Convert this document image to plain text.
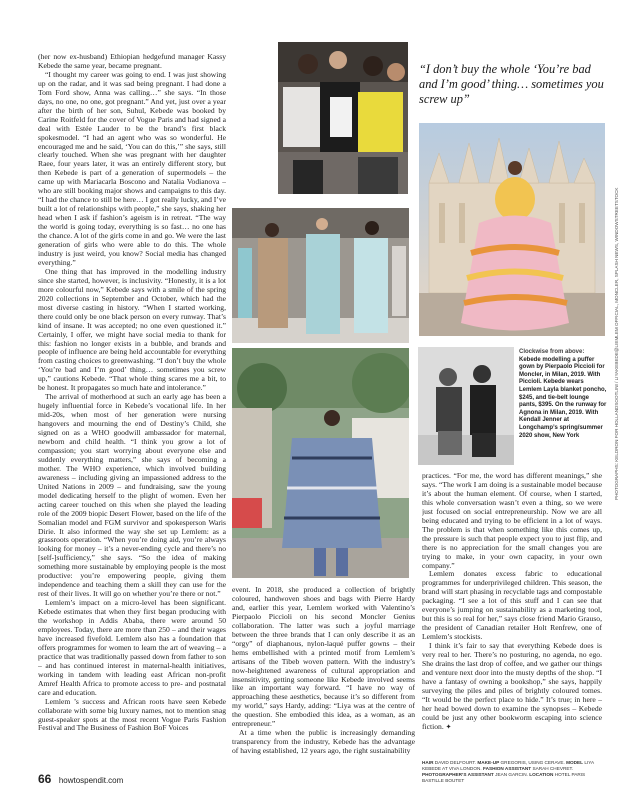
(her now ex-husband) Ethiopian hedgefund manager Kassy Kebede the same year, became pregnant.

“I thought my career was going to end. I was just showing up on the radar, and it was sad being pregnant. I had done a Tom Ford show, Anna was calling…” she says. “In those days, no one, no one, got pregnant.” And yet, just over a year after the birth of her son, Suhul, Kebede was booked by Carine Roitfeld for the cover of Vogue Paris and had signed a deal with Estée Lauder to be the brand’s first black spokesmodel. “I had an agent who was so wonderful. He encouraged me and he said, ‘You can do this,’” she says, still clearly touched. When she was pregnant with her daughter Raee, four years later, it was an entirely different story, but then Kebede is part of a generation of supermodels – the came up with Mariacarla Boscono and Natalia Vodianova – who are still booking major shows and campaigns to this day. “I had the chance to still be here… I got really lucky, and I’ve built a lot of relationships with people,” she says, shaking her head when I ask if fashion’s ageism is in retreat. “The way the world is going today, everything is so fast… no one has the chance. A lot of the girls come in and go. We were the last generation of girls who were able to do this. The whole industry is just weird, you know? Social media has changed everything.”

One thing that has improved in the modelling industry since she started, however, is inclusivity. “Honestly, it is a lot more colourful now,” Kebede says with a smile of the spring 2020 collections in September and October, which had the most diverse casting in history. “When I started working, there could only be one black person on every runway. That’s kind of insane. It was accepted; no one even questioned it.” Certainly, I offer, we might have social media to thank for this: fashion no longer exists in a bubble, and brands and people of influence are being held accountable for everything from casting choices to greenwashing. “I don’t buy the whole ‘You’re bad and I’m good’ thing… sometimes you screw up,” cautions Kebede. “That whole thing scares me a bit, to be honest. It propagates so much hate and intolerance.”

The arrival of motherhood at such an early age has been a hugely influential force in Kebede’s vocational life. In her mid-20s, when most of her generation were nursing hangovers and mourning the end of Destiny’s Child, she signed on as a WHO goodwill ambassador for maternal, newborn and child health. “I think you grow a lot of compassion; you start worrying about everyone else and suddenly everything matters,” she says of becoming a mother. The WHO experience, which involved building awareness – including giving an impassioned address to the United Nations in 2009 – and fundraising, saw the young model dedicating herself to the plight of women. Even her acting career touched on this when she played the leading role of the 2009 biopic Desert Flower, based on the life of the Somalian model and FGM survivor and spokesperson Waris Dirie. It also informed the way she set up Lemlem: as a grassroots operation. “When you’re doing aid, you’re always looking for money – it’s a never-ending cycle and there’s no [self-]sufficiency,” she says. “So the idea of making something more sustainable by employing people is the most productive: you’re empowering people, giving them independence and teaching them a skill they can use for the rest of their lives. It will go on whether you’re there or not.”

Lemlem’s impact on a micro-level has been significant. Kebede estimates that when they first began producing with the workshop in Addis Ababa, there were around 50 employees. Today, there are more than 250 – and their wages have increased fivefold. Lemlem also has a foundation that offers programmes for women to learn the art of weaving – a practice that was traditionally passed down from father to son – and has continued interest in maternal-health initiatives, working in tandem with leading east African non-profit Amref Health Africa to promote access to pre- and postnatal care and education.

Lemlem ’s success and African roots have seen Kebede collaborate with some big luxury names, not to mention snag guest-speaker spots at the most recent Vogue Paris Fashion Festival and The Business of Fashion BoF Voices

“I don’t buy the whole ‘You’re bad and I’m good’ thing… sometimes you screw up”
Clockwise from above:
Kebede modelling a puffer gown by Pierpaolo Piccioli for Moncler, in Milan, 2019. With Piccioli. Kebede wears Lemlem Layla blanket poncho, $245, and tie-belt lounge pants, $395. On the runway for Agnona in Milan, 2019. With Kendall Jenner at Longchamp’s spring/summer 2020 show, New York

event. In 2018, she produced a collection of brightly coloured, handwoven shoes and bags with Pierre Hardy and, earlier this year, Lemlem worked with Valentino’s Pierpaolo Piccioli on his second Moncler Genius collaboration. The latter was such a joyful marriage between the three brands that I can only describe it as an “orgy” of diaphanous, nylon-laqué puffer gowns – their hems embellished with a printed motif from Lemlem’s artisans of the Tibeb woven pattern. With the industry’s now-heightened awareness of cultural appropriation and insensitivity, getting someone like Kebede involved seems like an important way forward. “I have no way of approaching these aesthetics, because it’s so different from my world,” says Hardy, adding: “Liya was at the centre of the question. She embodied this idea, as a woman, as an entrepreneur.”

At a time when the public is increasingly demanding transparency from the industry, Kebede has the advantage of having established, 12 years ago, the right sustainability

practices. “For me, the word has different meanings,” she says. “The work I am doing is a sustainable model because it’s about the human element. Of course, when I started, this whole conversation wasn’t even a thing, so we were just focused on social entrepreneurship. Now we are all being educated and trying to be efficient in a lot of ways. The problem is that when something like this comes up, the pressure is such that people expect you to just flip, and there is no appreciation for the small changes you are trying to make, in your own capacity, in your own company.”

Lemlem donates excess fabric to educational programmes for underprivileged children. This season, the brand will start phasing in recyclable tags and compostable packaging. “I see a lot of this stuff and I can see that everyone’s jumping on sustainability as a marketing tool, but this is so real for her,” says close friend Mario Grauso, the president of Canadian retailer Holt Renfrew, one of Lemlem’s stockists.

I think it’s fair to say that everything Kebede does is very real to her. There’s no posturing, no agenda, no ego. She drains the last drop of coffee, and we gather our things and venture next door into the musty depths of the shop. “I have a fantasy of owning a bookshop,” she says, happily surveying the piles and piles of brightly coloured tomes. “It would be the perfect place to hide.” It’s true; in here – her head bowed down to examine the synopses – Kebede could be just any other bookworm escaping into science fiction. ✦

HAIR DAVID DELFOURT. MAKE-UP GREGORIS, USING CERAVE. MODEL LIYA KEBEDE AT VIVA LONDON. FASHION ASSISTANT SARAH CHEVRET. PHOTOGRAPHER’S ASSISTANT JEAN GARCIN. LOCATION HOTEL PARIS BASTILLE BOUTET
PHOTOGRAPHS: KELDRON FOR HOLLANDSOOTLINI / LIYAKEBEDE@LIEMLEM OFFICIAL, MONCLER, SPLASH NEWS, WINDOWSTREETSTOCK
66 howtospendit.com
